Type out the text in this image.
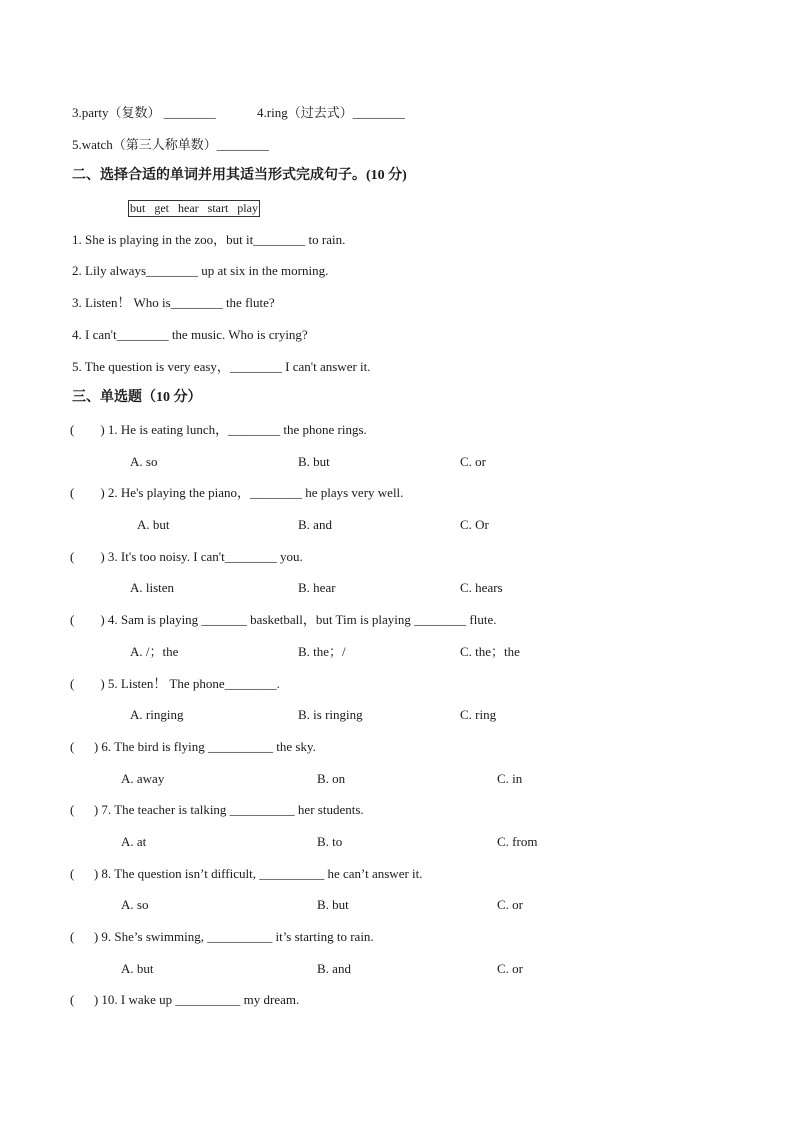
3.party（复数） ________	4.ring（过去式）________
5.watch（第三人称单数）________
二、选择合适的单词并用其适当形式完成句子。(10 分)
but   get   hear   start   play
1. She is playing in the zoo，but it________ to rain.
2. Lily always________ up at six in the morning.
3. Listen！ Who is________ the flute?
4. I can't________ the music. Who is crying?
5. The question is very easy，________ I can't answer it.
三、单选题（10 分）
(        ) 1. He is eating lunch，________ the phone rings.
A. so	B. but	C. or
(        ) 2. He's playing the piano，________ he plays very well.
A. but	B. and	C. Or
(        ) 3. It's too noisy. I can't________ you.
A. listen	B. hear	C. hears
(        ) 4. Sam is playing _______ basketball，but Tim is playing ________ flute.
A. /；the	B. the；/	C. the；the
(        ) 5. Listen！ The phone________.
A. ringing	B. is ringing	C. ring
(      ) 6. The bird is flying __________ the sky.
A. away	B. on	C. in
(      ) 7. The teacher is talking __________ her students.
A. at	B. to	C. from
(      ) 8. The question isn’t difficult, __________ he can’t answer it.
A. so	B. but	C. or
(      ) 9. She’s swimming, __________ it’s starting to rain.
A. but	B. and	C. or
(      ) 10. I wake up __________ my dream.
